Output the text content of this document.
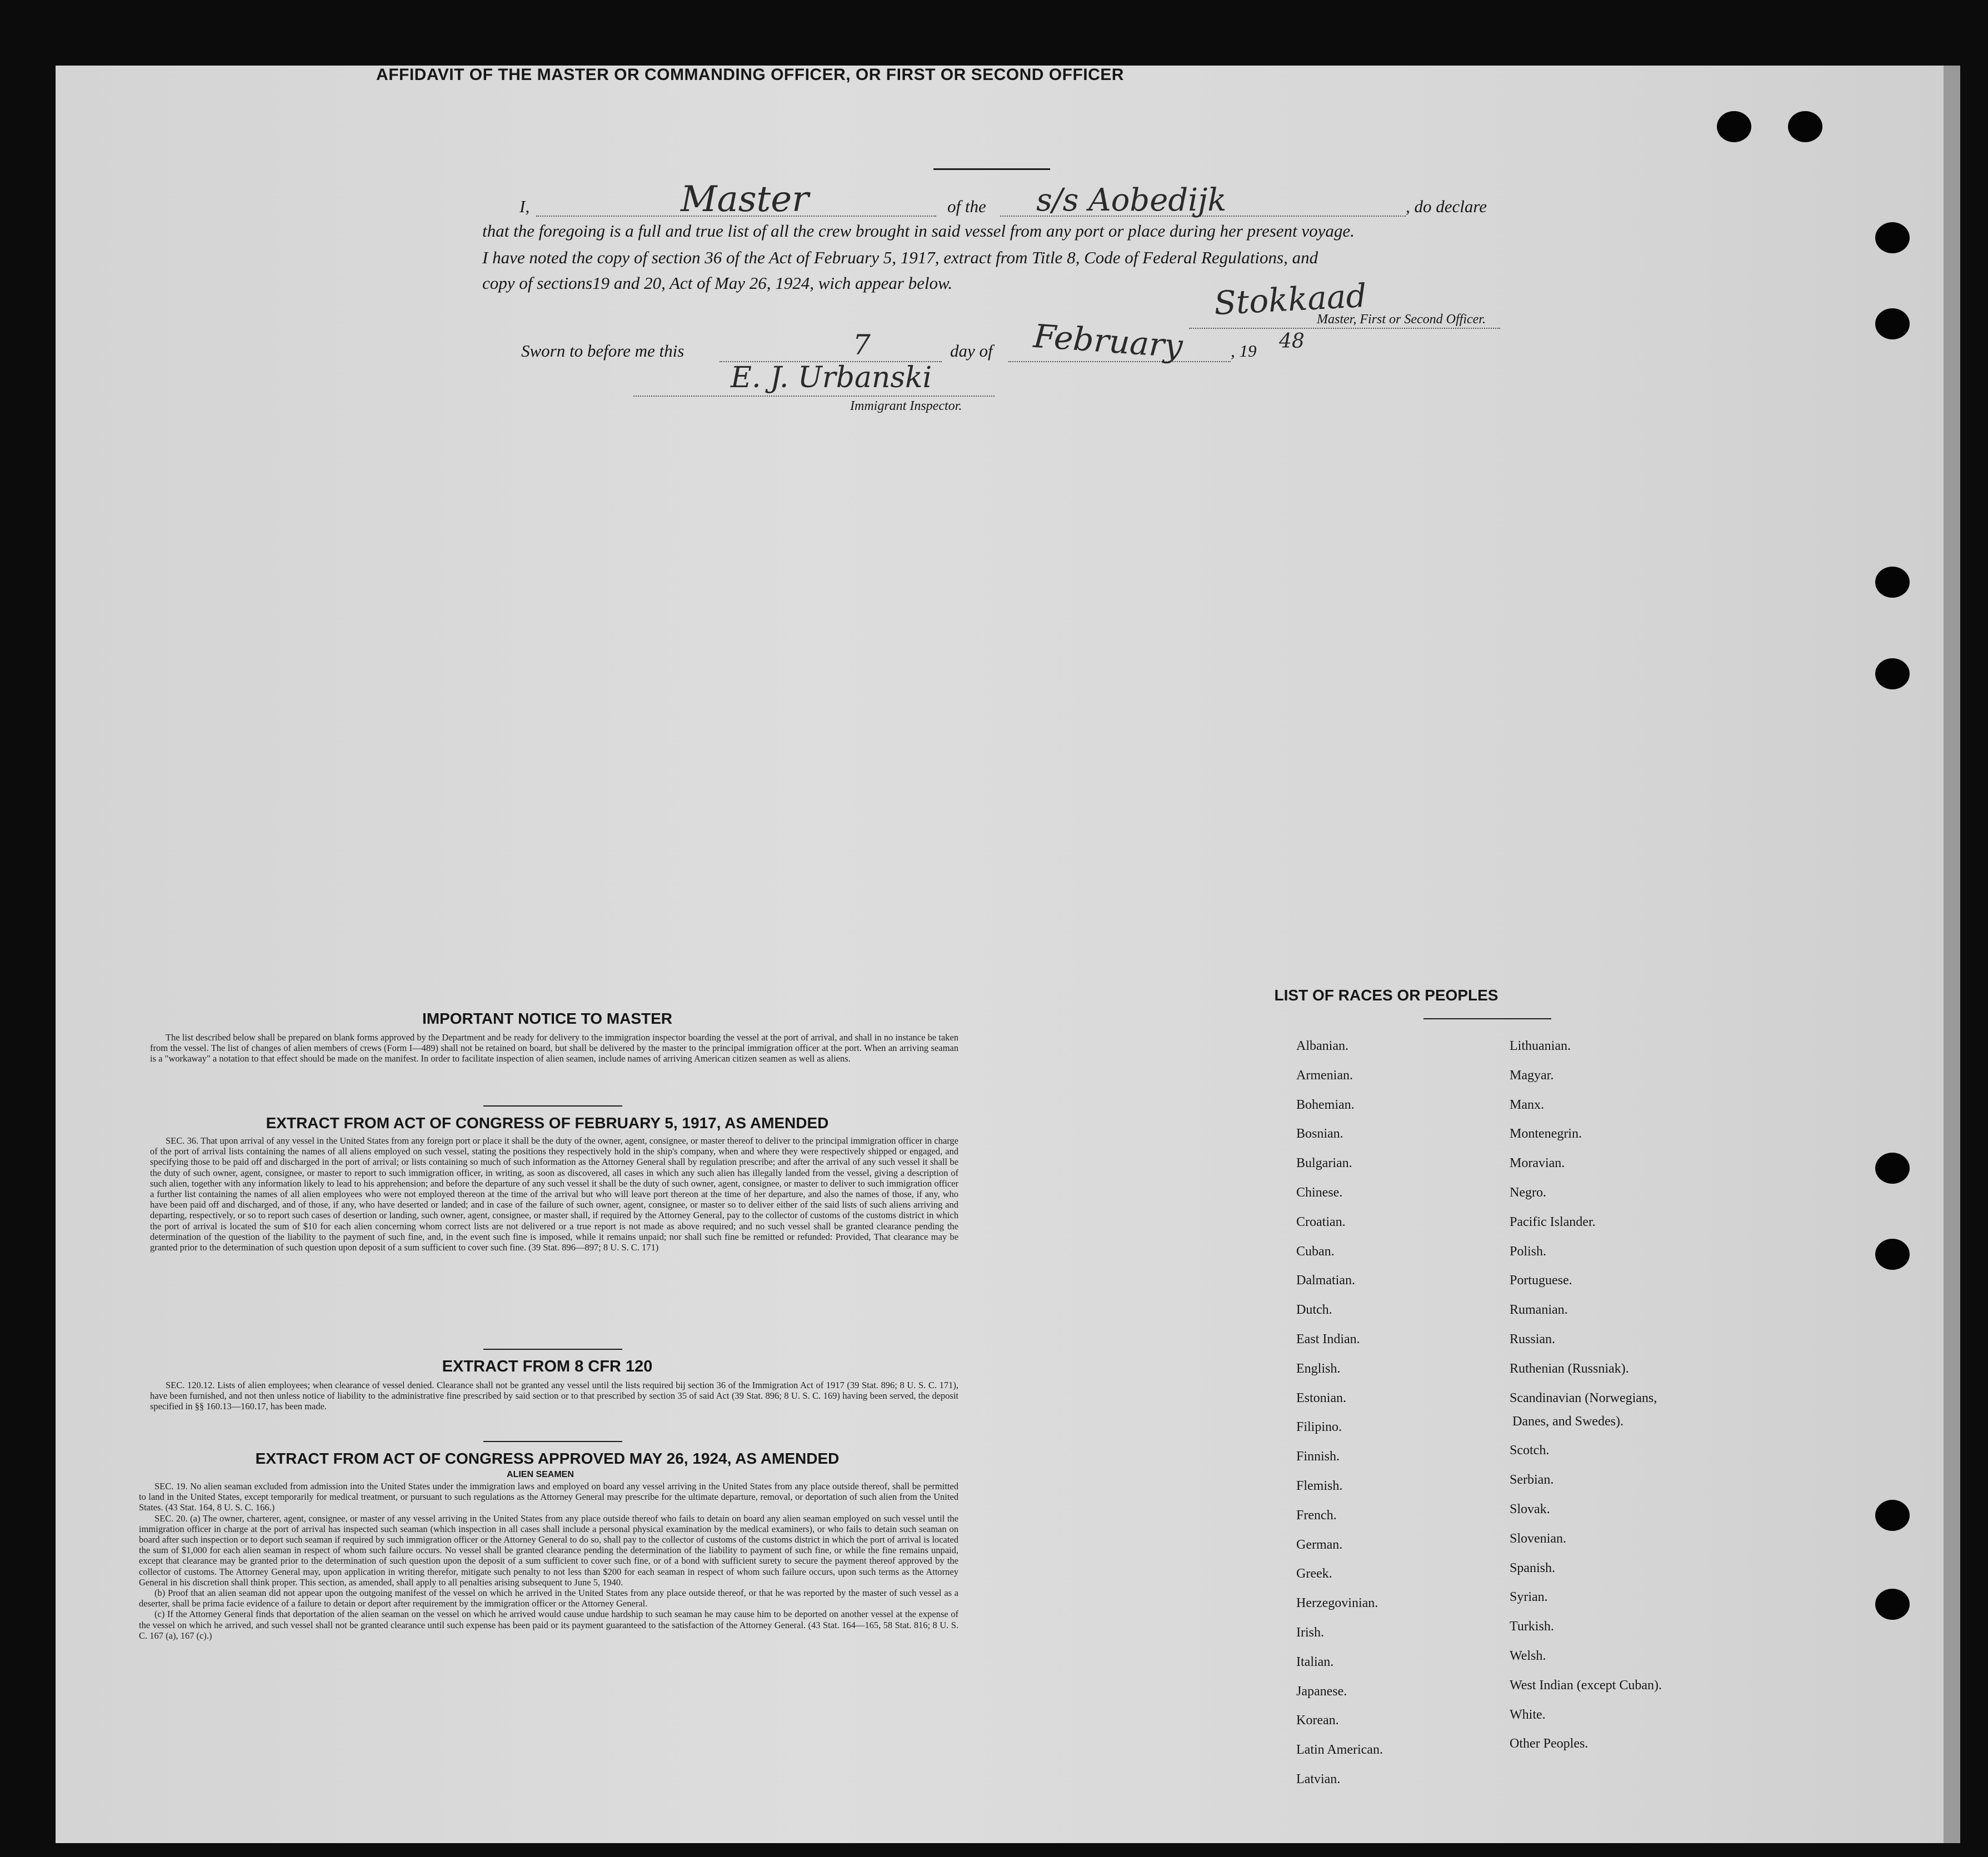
AFFIDAVIT OF THE MASTER OR COMMANDING OFFICER, OR FIRST OR SECOND OFFICER
I,	Master	of the s/s Aobedijk	, do declare
that the foregoing is a full and true list of all the crew brought in said vessel from any port or place during her present voyage.
I have noted the copy of section 36 of the Act of February 5, 1917, extract from Title 8, Code of Federal Regulations, and
copy of sections19 and 20, Act of May 26, 1924, wich appear below.	Stokkaad
Master, First or Second Officer.
Sworn to before me this	7	day of February	, 19 48
E. J. Urbanski
Immigrant Inspector.
IMPORTANT NOTICE TO MASTER

The list described below shall be prepared on blank forms approved by the Department and be ready for delivery to the immigration inspector boarding the vessel at the port of arrival, and shall in no instance be taken from the vessel. The list of changes of alien members of crews (Form I—489) shall not be retained on board, but shall be delivered by the master to the principal immigration officer at the port. When an arriving seaman is a "workaway" a notation to that effect should be made on the manifest. In order to facilitate inspection of alien seamen, include names of arriving American citizen seamen as well as aliens.

EXTRACT FROM ACT OF CONGRESS OF FEBRUARY 5, 1917, AS AMENDED

SEC. 36. That upon arrival of any vessel in the United States from any foreign port or place it shall be the duty of the owner, agent, consignee, or master thereof to deliver to the principal immigration officer in charge of the port of arrival lists containing the names of all aliens employed on such vessel, stating the positions they respectively hold in the ship's company, when and where they were respectively shipped or engaged, and specifying those to be paid off and discharged in the port of arrival; or lists containing so much of such information as the Attorney General shall by regulation prescribe; and after the arrival of any such vessel it shall be the duty of such owner, agent, consignee, or master to report to such immigration officer, in writing, as soon as discovered, all cases in which any such alien has illegally landed from the vessel, giving a description of such alien, together with any information likely to lead to his apprehension; and before the departure of any such vessel it shall be the duty of such owner, agent, consignee, or master to deliver to such immigration officer a further list containing the names of all alien employees who were not employed thereon at the time of the arrival but who will leave port thereon at the time of her departure, and also the names of those, if any, who have been paid off and discharged, and of those, if any, who have deserted or landed; and in case of the failure of such owner, agent, consignee, or master so to deliver either of the said lists of such aliens arriving and departing, respectively, or so to report such cases of desertion or landing, such owner, agent, consignee, or master shall, if required by the Attorney General, pay to the collector of customs of the customs district in which the port of arrival is located the sum of $10 for each alien concerning whom correct lists are not delivered or a true report is not made as above required; and no such vessel shall be granted clearance pending the determination of the question of the liability to the payment of such fine, and, in the event such fine is imposed, while it remains unpaid; nor shall such fine be remitted or refunded: Provided, That clearance may be granted prior to the determination of such question upon deposit of a sum sufficient to cover such fine. (39 Stat. 896—897; 8 U. S. C. 171)

EXTRACT FROM 8 CFR 120

SEC. 120.12. Lists of alien employees; when clearance of vessel denied. Clearance shall not be granted any vessel until the lists required bij section 36 of the Immigration Act of 1917 (39 Stat. 896; 8 U. S. C. 171), have been furnished, and not then unless notice of liability to the administrative fine prescribed by said section or to that prescribed by section 35 of said Act (39 Stat. 896; 8 U. S. C. 169) having been served, the deposit specified in §§ 160.13—160.17, has been made.

EXTRACT FROM ACT OF CONGRESS APPROVED MAY 26, 1924, AS AMENDED
ALIEN SEAMEN

SEC. 19. No alien seaman excluded from admission into the United States under the immigration laws and employed on board any vessel arriving in the United States from any place outside thereof, shall be permitted to land in the United States, except temporarily for medical treatment, or pursuant to such regulations as the Attorney General may prescribe for the ultimate departure, removal, or deportation of such alien from the United States. (43 Stat. 164, 8 U. S. C. 166.)

SEC. 20. (a) The owner, charterer, agent, consignee, or master of any vessel arriving in the United States from any place outside thereof who fails to detain on board any alien seaman employed on such vessel until the immigration officer in charge at the port of arrival has inspected such seaman (which inspection in all cases shall include a personal physical examination by the medical examiners), or who fails to detain such seaman on board after such inspection or to deport such seaman if required by such immigration officer or the Attorney General to do so, shall pay to the collector of customs of the customs district in which the port of arrival is located the sum of $1,000 for each alien seaman in respect of whom such failure occurs. No vessel shall be granted clearance pending the determination of the liability to payment of such fine, or while the fine remains unpaid, except that clearance may be granted prior to the determination of such question upon the deposit of a sum sufficient to cover such fine, or of a bond with sufficient surety to secure the payment thereof approved by the collector of customs. The Attorney General may, upon application in writing therefor, mitigate such penalty to not less than $200 for each seaman in respect of whom such failure occurs, upon such terms as the Attorney General in his discretion shall think proper. This section, as amended, shall apply to all penalties arising subsequent to June 5, 1940.

(b) Proof that an alien seaman did not appear upon the outgoing manifest of the vessel on which he arrived in the United States from any place outside thereof, or that he was reported by the master of such vessel as a deserter, shall be prima facie evidence of a failure to detain or deport after requirement by the immigration officer or the Attorney General.

(c) If the Attorney General finds that deportation of the alien seaman on the vessel on which he arrived would cause undue hardship to such seaman he may cause him to be deported on another vessel at the expense of the vessel on which he arrived, and such vessel shall not be granted clearance until such expense has been paid or its payment guaranteed to the satisfaction of the Attorney General. (43 Stat. 164—165, 58 Stat. 816; 8 U. S. C. 167 (a), 167 (c).)

LIST OF RACES OR PEOPLES
Albanian.
Armenian.
Bohemian.
Bosnian.
Bulgarian.
Chinese.
Croatian.
Cuban.
Dalmatian.
Dutch.
East Indian.
English.
Estonian.
Filipino.
Finnish.
Flemish.
French.
German.
Greek.
Herzegovinian.
Irish.
Italian.
Japanese.
Korean.
Latin American.
Latvian.
Lithuanian.
Magyar.
Manx.
Montenegrin.
Moravian.
Negro.
Pacific Islander.
Polish.
Portuguese.
Rumanian.
Russian.
Ruthenian (Russniak).
Scandinavian (Norwegians,
Danes, and Swedes).
Scotch.
Serbian.
Slovak.
Slovenian.
Spanish.
Syrian.
Turkish.
Welsh.
West Indian (except Cuban).
White.
Other Peoples.
